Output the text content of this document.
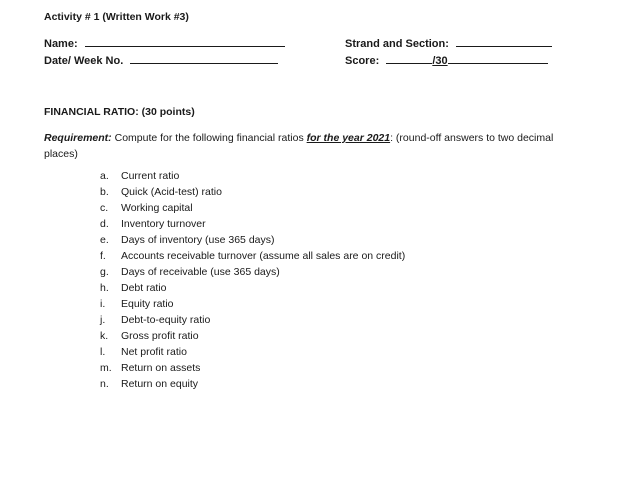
Activity # 1 (Written Work #3)
Name:
Date/ Week No.
Strand and Section:
Score:	/30
FINANCIAL RATIO: (30 points)
Requirement: Compute for the following financial ratios for the year 2021: (round-off answers to two decimal places)
a.	Current ratio
b.	Quick (Acid-test) ratio
c.	Working capital
d.	Inventory turnover
e.	Days of inventory (use 365 days)
f.	Accounts receivable turnover (assume all sales are on credit)
g.	Days of receivable (use 365 days)
h.	Debt ratio
i.	Equity ratio
j.	Debt-to-equity ratio
k.	Gross profit ratio
l.	Net profit ratio
m. Return on assets
n.	Return on equity
